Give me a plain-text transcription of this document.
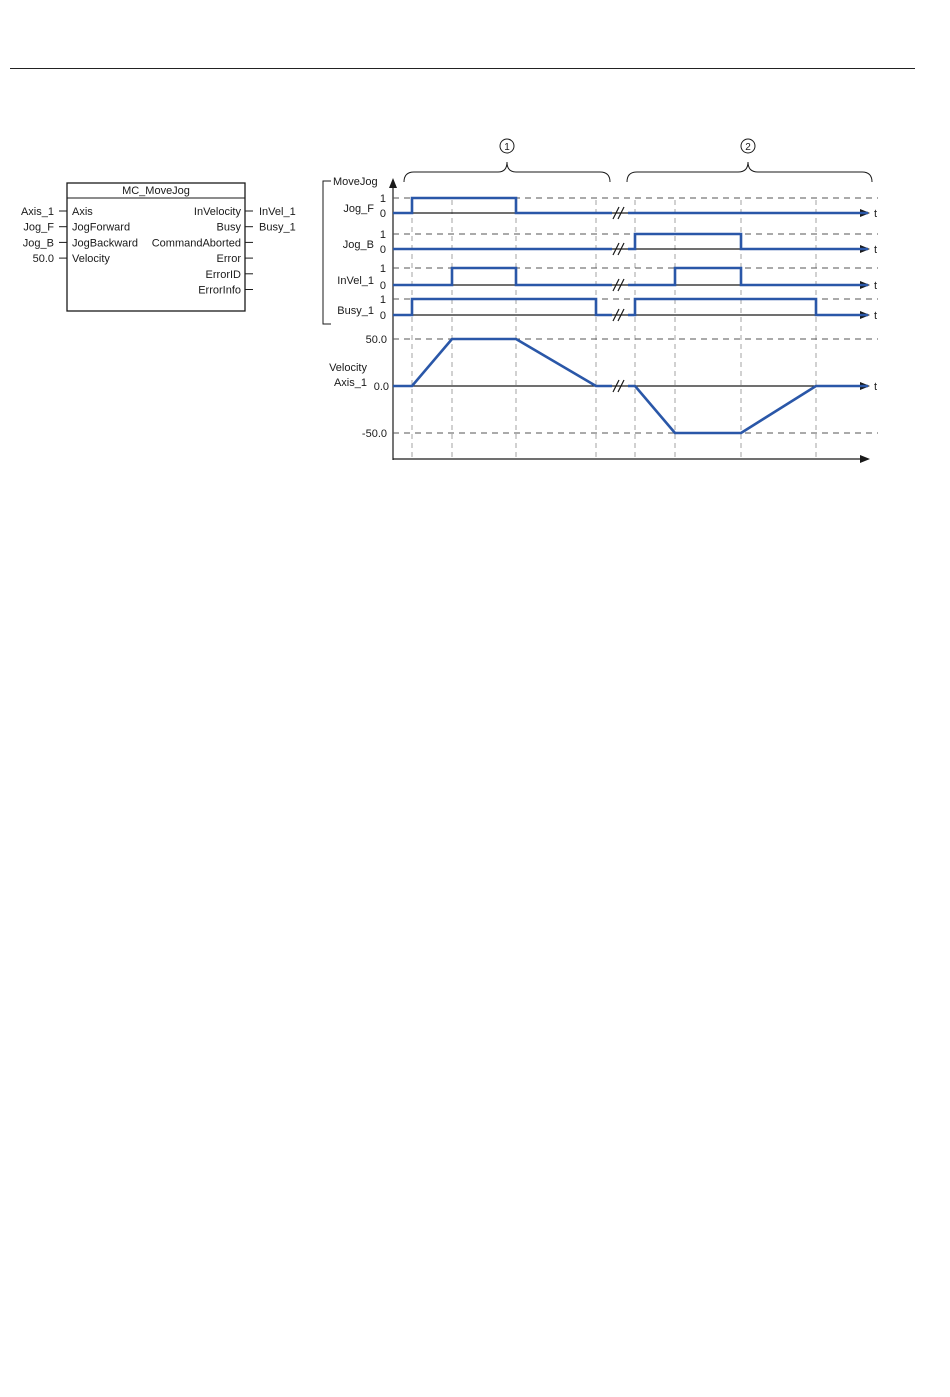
MC_MoveJog
Axis
Axis_1
JogForward
Jog_F
JogBackward
Jog_B
Velocity
50.0
InVelocity InVel_1
Busy Busy_1
CommandAborted
Error
ErrorID
ErrorInfo
1	2
MoveJog
Jog_F
1
0	t
Jog_B
1
0	t
InVel_1
1
0	t
Busy_1
1
0	t
Velocity
Axis_1
50.0
0.0
-50.0
t
